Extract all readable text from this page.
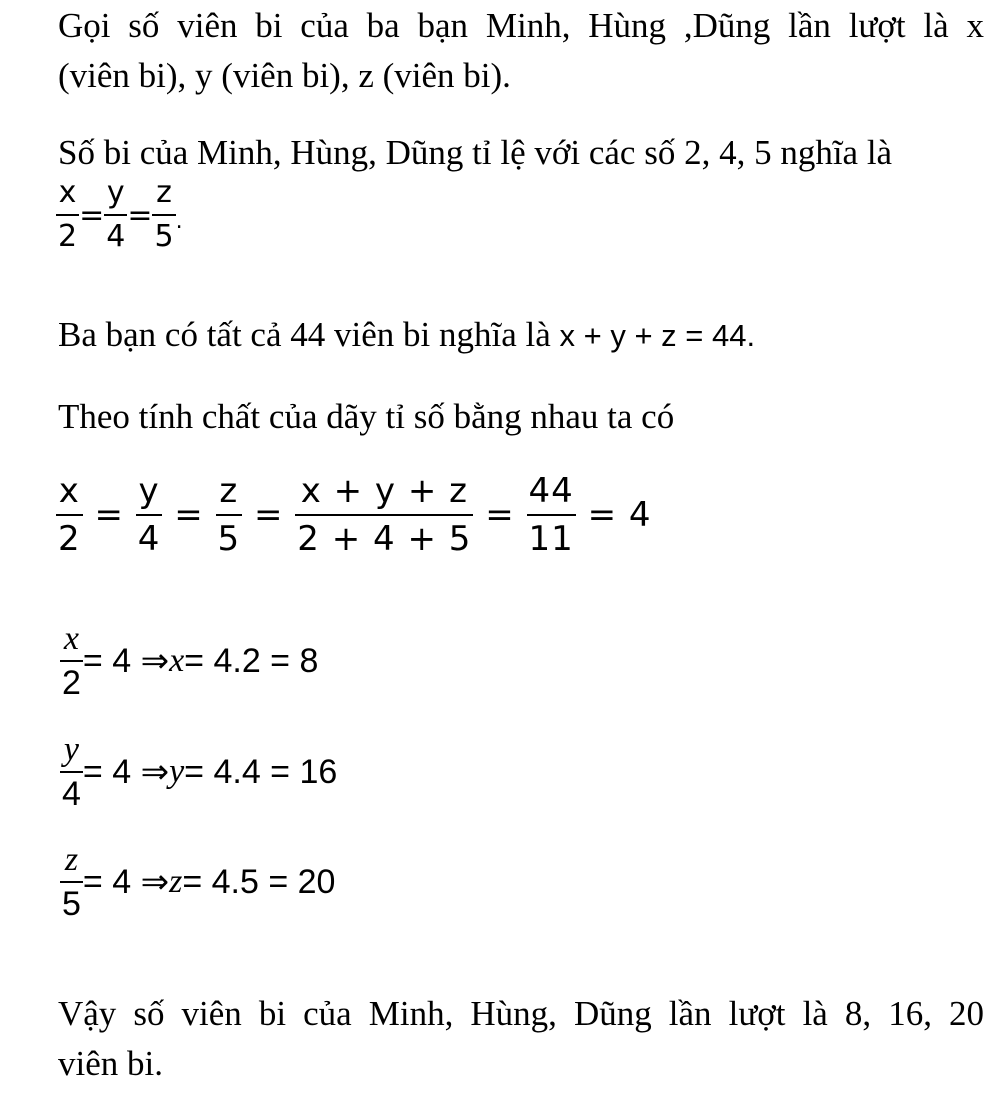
Gọi số viên bi của ba bạn Minh, Hùng ,Dũng lần lượt là x
(viên bi), y (viên bi), z (viên bi).
Số bi của Minh, Hùng, Dũng tỉ lệ với các số 2, 4, 5 nghĩa là
$\frac{x}{2} = \frac{y}{4} = \frac{z}{5}$ .
Ba bạn có tất cả 44 viên bi nghĩa là x + y + z = 44.
Theo tính chất của dãy tỉ số bằng nhau ta có
$\frac{x}{2} = \frac{y}{4} = \frac{z}{5} = \frac{x + y + z}{2 + 4 + 5} = \frac{44}{11} = 4$
$\frac{x}{2} = 4$ ⇒x= 4.2 = 8
$\frac{y}{4} = 4$ ⇒y= 4.4 = 16
$\frac{z}{5} = 4$ ⇒z= 4.5 = 20
Vậy số viên bi của Minh, Hùng, Dũng lần lượt là 8, 16, 20
viên bi.
